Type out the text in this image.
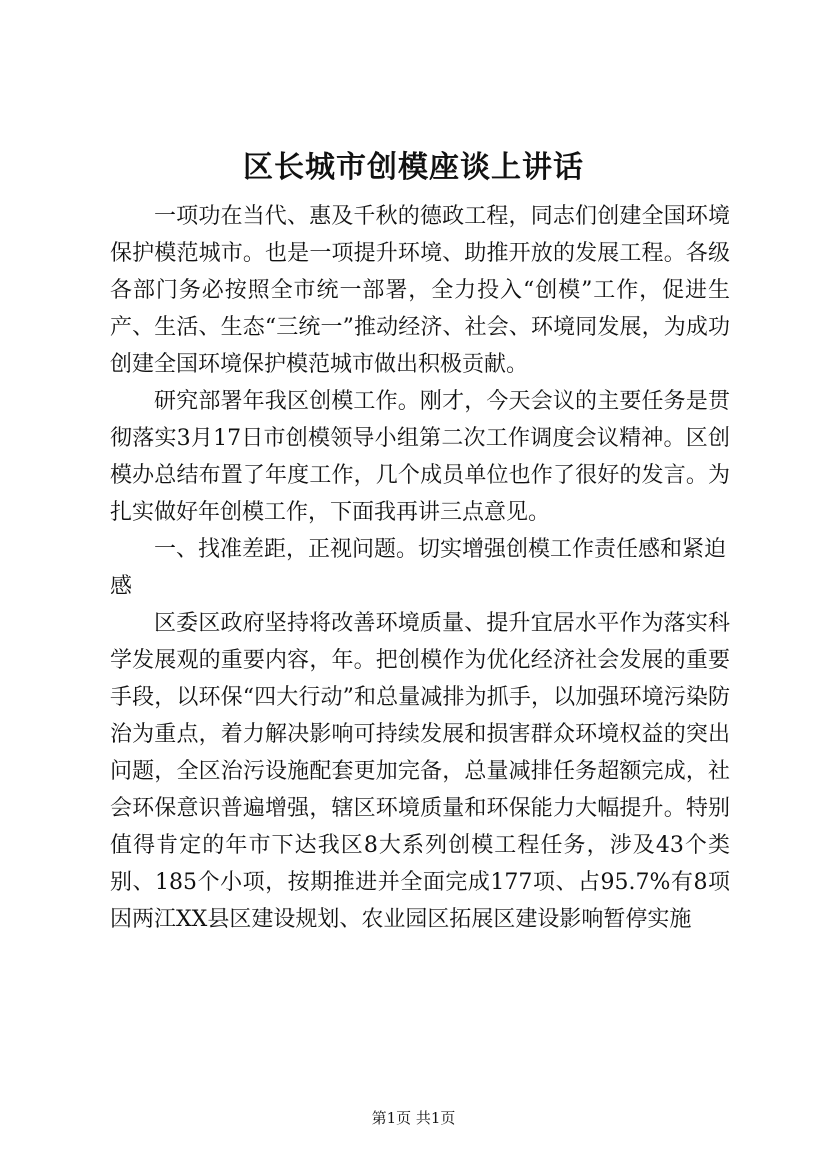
区长城市创模座谈上讲话

一项功在当代、惠及千秋的德政工程，同志们创建全国环境保护模范城市。也是一项提升环境、助推开放的发展工程。各级各部门务必按照全市统一部署，全力投入“创模”工作，促进生产、生活、生态“三统一”推动经济、社会、环境同发展，为成功创建全国环境保护模范城市做出积极贡献。

研究部署年我区创模工作。刚才，今天会议的主要任务是贯彻落实3月17日市创模领导小组第二次工作调度会议精神。区创模办总结布置了年度工作，几个成员单位也作了很好的发言。为扎实做好年创模工作，下面我再讲三点意见。

一、找准差距，正视问题。切实增强创模工作责任感和紧迫感

区委区政府坚持将改善环境质量、提升宜居水平作为落实科学发展观的重要内容，年。把创模作为优化经济社会发展的重要手段，以环保“四大行动”和总量减排为抓手，以加强环境污染防治为重点，着力解决影响可持续发展和损害群众环境权益的突出问题，全区治污设施配套更加完备，总量减排任务超额完成，社会环保意识普遍增强，辖区环境质量和环保能力大幅提升。特别值得肯定的年市下达我区8大系列创模工程任务，涉及43个类别、185个小项，按期推进并全面完成177项、占95.7%有8项因两江XX县区建设规划、农业园区拓展区建设影响暂停实施

第1页 共1页
